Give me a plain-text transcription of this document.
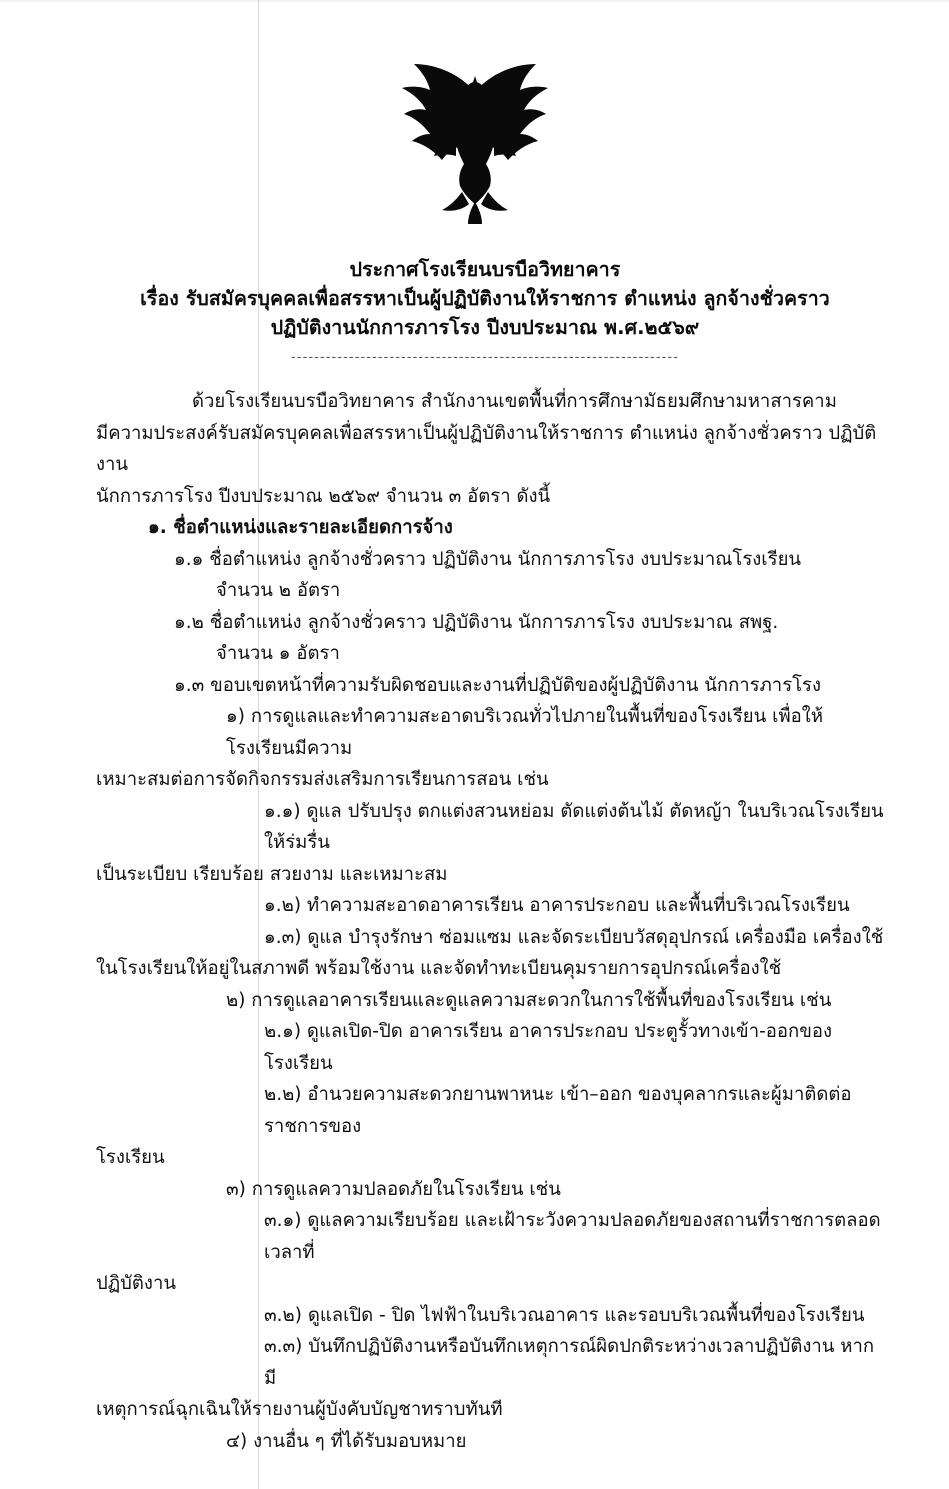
ประกาศโรงเรียนบรบือวิทยาคาร
เรื่อง รับสมัครบุคคลเพื่อสรรหาเป็นผู้ปฏิบัติงานให้ราชการ ตำแหน่ง ลูกจ้างชั่วคราว
ปฏิบัติงานนักการภารโรง ปีงบประมาณ พ.ศ.๒๕๖๙
-------------------------------------------------------------------

ด้วยโรงเรียนบรบือวิทยาคาร สำนักงานเขตพื้นที่การศึกษามัธยมศึกษามหาสารคาม

มีความประสงค์รับสมัครบุคคลเพื่อสรรหาเป็นผู้ปฏิบัติงานให้ราชการ ตำแหน่ง ลูกจ้างชั่วคราว ปฏิบัติงาน

นักการภารโรง ปีงบประมาณ ๒๕๖๙ จำนวน ๓ อัตรา ดังนี้

๑. ชื่อตำแหน่งและรายละเอียดการจ้าง

๑.๑ ชื่อตำแหน่ง ลูกจ้างชั่วคราว ปฏิบัติงาน นักการภารโรง งบประมาณโรงเรียน

จำนวน ๒ อัตรา

๑.๒ ชื่อตำแหน่ง ลูกจ้างชั่วคราว ปฏิบัติงาน นักการภารโรง งบประมาณ สพฐ.

จำนวน ๑ อัตรา

๑.๓ ขอบเขตหน้าที่ความรับผิดชอบและงานที่ปฏิบัติของผู้ปฏิบัติงาน นักการภารโรง

๑) การดูแลและทำความสะอาดบริเวณทั่วไปภายในพื้นที่ของโรงเรียน เพื่อให้โรงเรียนมีความ

เหมาะสมต่อการจัดกิจกรรมส่งเสริมการเรียนการสอน เช่น

๑.๑) ดูแล ปรับปรุง ตกแต่งสวนหย่อม ตัดแต่งต้นไม้ ตัดหญ้า ในบริเวณโรงเรียนให้ร่มรื่น

เป็นระเบียบ เรียบร้อย สวยงาม และเหมาะสม

๑.๒) ทำความสะอาดอาคารเรียน อาคารประกอบ และพื้นที่บริเวณโรงเรียน

๑.๓) ดูแล บำรุงรักษา ซ่อมแซม และจัดระเบียบวัสดุอุปกรณ์ เครื่องมือ เครื่องใช้

ในโรงเรียนให้อยู่ในสภาพดี พร้อมใช้งาน และจัดทำทะเบียนคุมรายการอุปกรณ์เครื่องใช้

๒) การดูแลอาคารเรียนและดูแลความสะดวกในการใช้พื้นที่ของโรงเรียน เช่น

๒.๑) ดูแลเปิด-ปิด อาคารเรียน อาคารประกอบ ประตูรั้วทางเข้า-ออกของโรงเรียน

๒.๒) อำนวยความสะดวกยานพาหนะ เข้า–ออก ของบุคลากรและผู้มาติดต่อราชการของ

โรงเรียน

๓) การดูแลความปลอดภัยในโรงเรียน เช่น

๓.๑) ดูแลความเรียบร้อย และเฝ้าระวังความปลอดภัยของสถานที่ราชการตลอดเวลาที่

ปฏิบัติงาน

๓.๒) ดูแลเปิด - ปิด ไฟฟ้าในบริเวณอาคาร และรอบบริเวณพื้นที่ของโรงเรียน

๓.๓) บันทึกปฏิบัติงานหรือบันทึกเหตุการณ์ผิดปกติระหว่างเวลาปฏิบัติงาน หากมี

เหตุการณ์ฉุกเฉินให้รายงานผู้บังคับบัญชาทราบทันที

๔) งานอื่น ๆ ที่ได้รับมอบหมาย
